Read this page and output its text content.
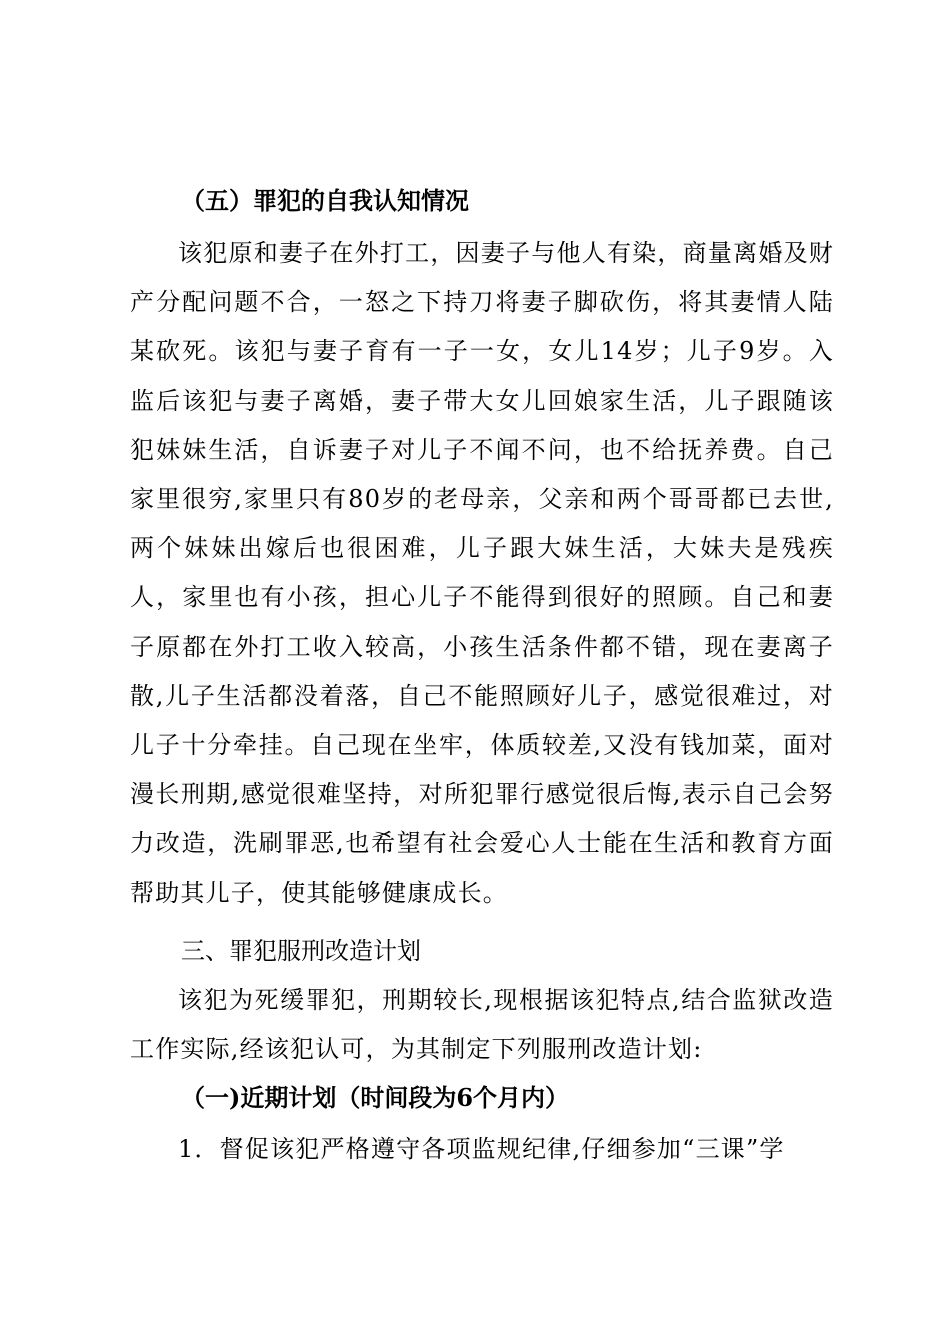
（五）罪犯的自我认知情况

该犯原和妻子在外打工，因妻子与他人有染，商量离婚及财产分配问题不合，一怒之下持刀将妻子脚砍伤，将其妻情人陆某砍死。该犯与妻子育有一子一女，女儿14岁；儿子9岁。入监后该犯与妻子离婚，妻子带大女儿回娘家生活，儿子跟随该犯妹妹生活，自诉妻子对儿子不闻不问，也不给抚养费。自己家里很穷,家里只有80岁的老母亲，父亲和两个哥哥都已去世,两个妹妹出嫁后也很困难，儿子跟大妹生活，大妹夫是残疾人，家里也有小孩，担心儿子不能得到很好的照顾。自己和妻子原都在外打工收入较高，小孩生活条件都不错，现在妻离子散,儿子生活都没着落，自己不能照顾好儿子，感觉很难过，对儿子十分牵挂。自己现在坐牢，体质较差,又没有钱加菜，面对漫长刑期,感觉很难坚持，对所犯罪行感觉很后悔,表示自己会努力改造，洗刷罪恶,也希望有社会爱心人士能在生活和教育方面帮助其儿子，使其能够健康成长。

三、罪犯服刑改造计划

该犯为死缓罪犯，刑期较长,现根据该犯特点,结合监狱改造工作实际,经该犯认可，为其制定下列服刑改造计划:

（一)近期计划（时间段为6个月内）

1．督促该犯严格遵守各项监规纪律,仔细参加“三课”学
